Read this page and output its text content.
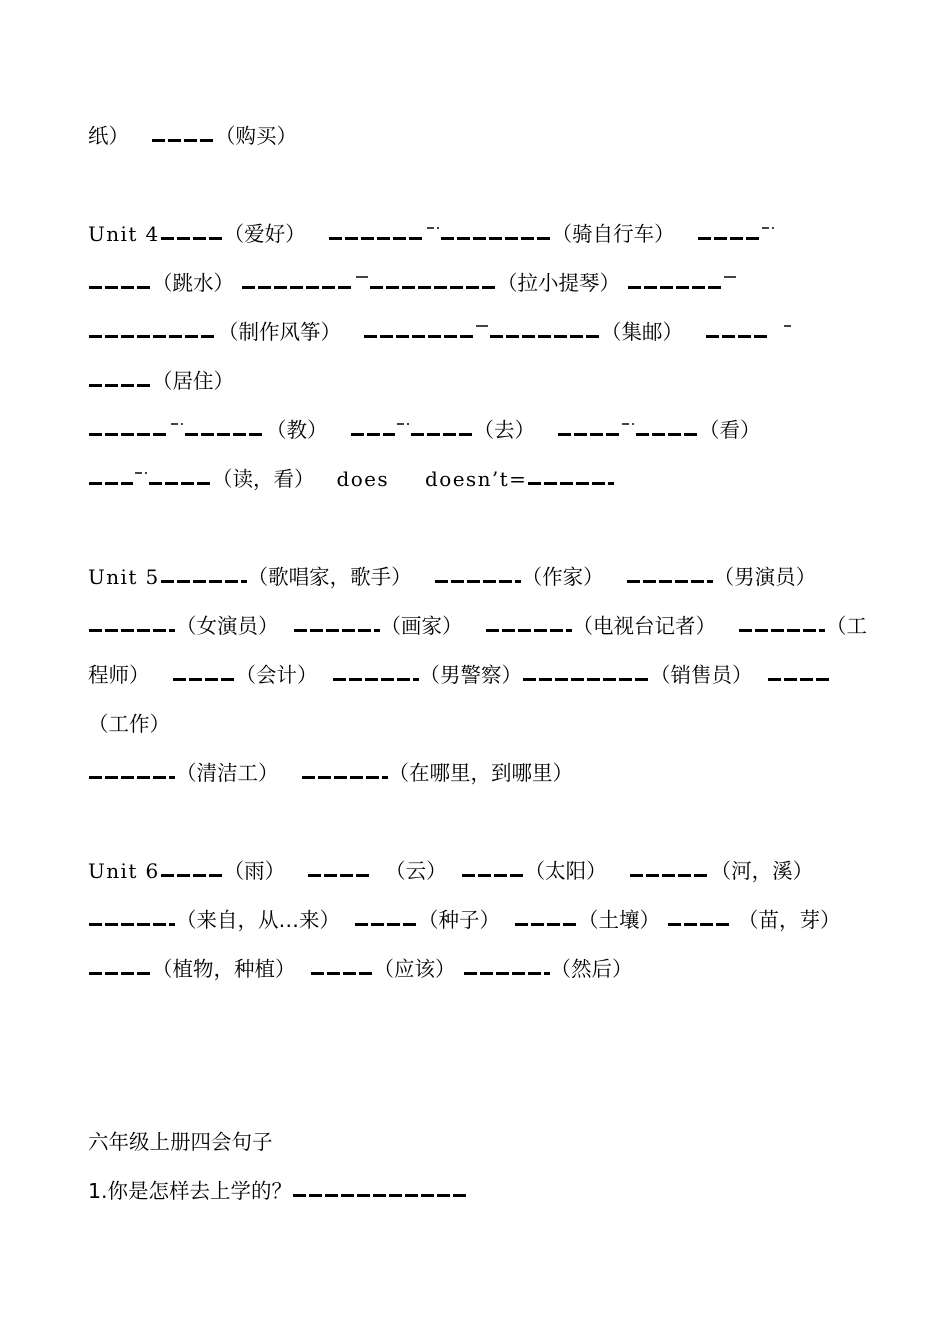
纸）	（购买）
Unit 4	（爱好）	（骑自行车）
（跳水）	（拉小提琴）
（制作风筝）	（集邮）
（居住）
（教）	（去）	（看）
（读，看） does doesn’t=
Unit 5	（歌唱家，歌手）	（作家）	（男演员）
（女演员）	（画家）	（电视台记者）	（工
程师）	（会计）	（男警察）	（销售员）
（工作）
（清洁工）	（在哪里，到哪里）
Unit 6	（雨）	（云）	（太阳）	（河，溪）
（来自，从…来）	（种子）	（土壤）	（苗，芽）
（植物，种植）	（应该）	（然后）
六年级上册四会句子
1.你是怎样去上学的？
